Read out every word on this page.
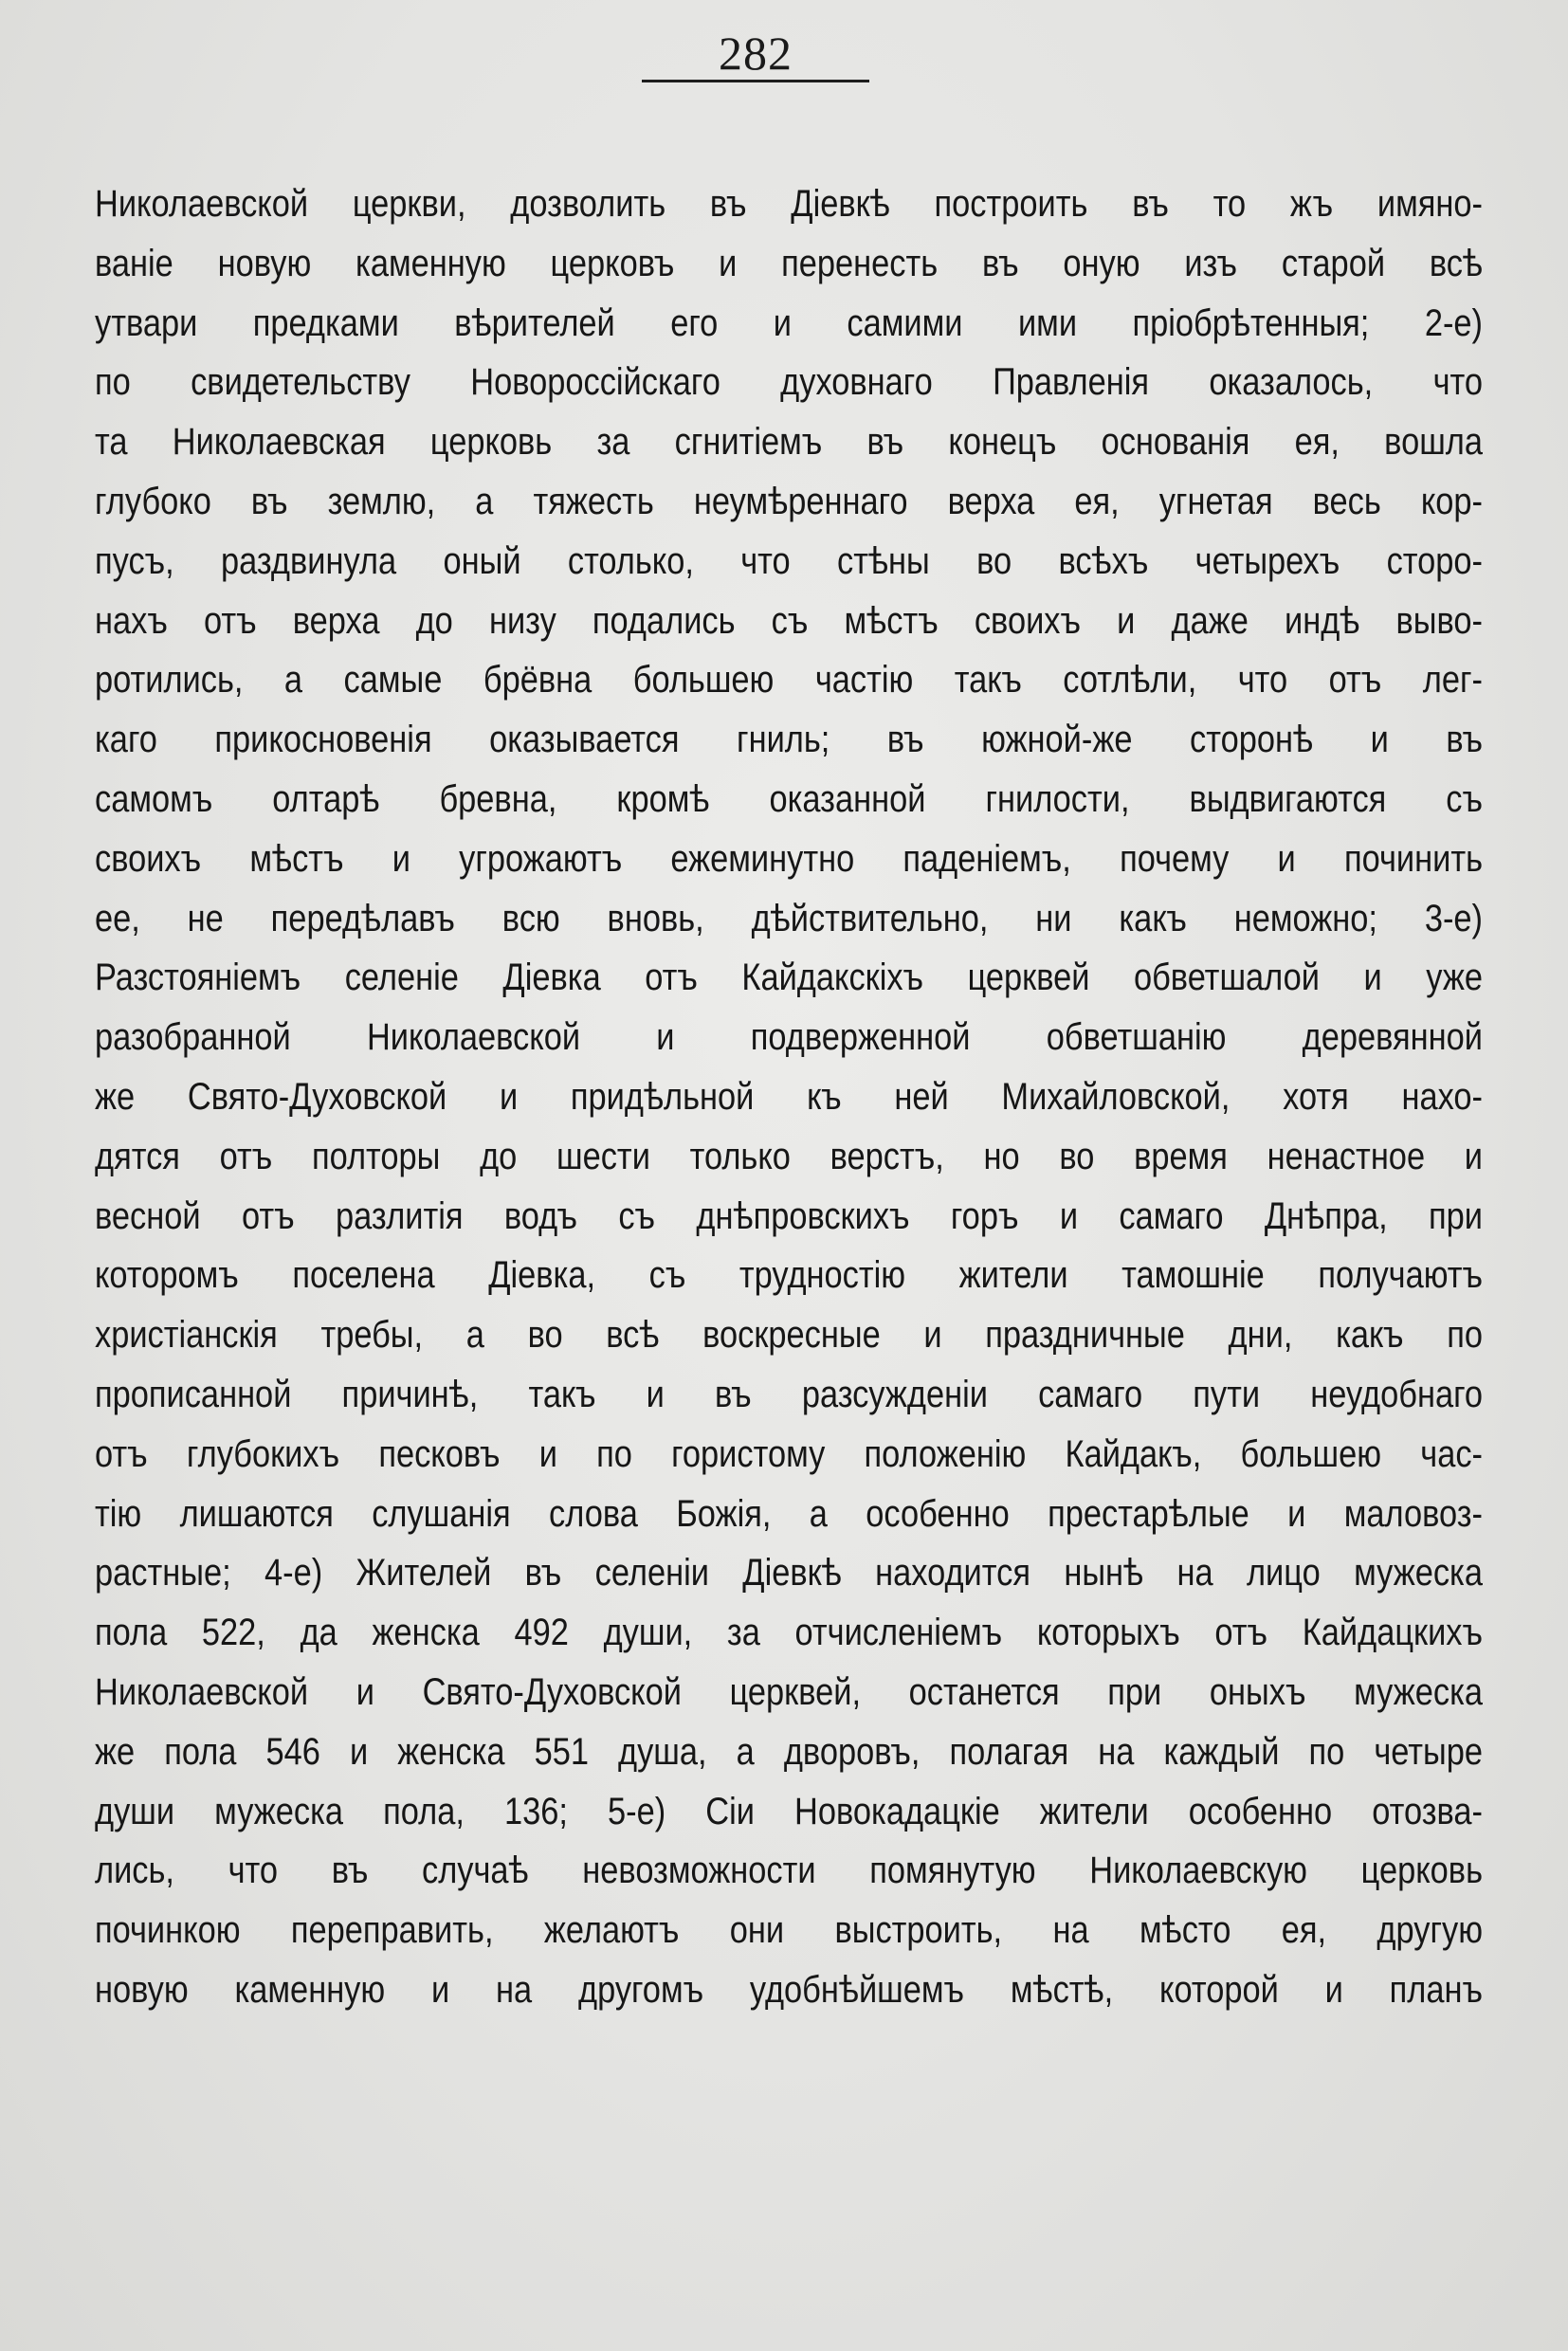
282
Николаевской церкви, дозволить въ Діевкѣ построить въ то жъ имяно-
ваніе новую каменную церковъ и перенесть въ оную изъ старой всѣ
утвари предками вѣрителей его и самими ими пріобрѣтенныя; 2-е)
по свидетельству Новороссійскаго духовнаго Правленія оказалось, что
та Николаевская церковь за сгнитіемъ въ конецъ основанія ея, вошла
глубоко въ землю, а тяжесть неумѣреннаго верха ея, угнетая весь кор-
пусъ, раздвинула оный столько, что стѣны во всѣхъ четырехъ сторо-
нахъ отъ верха до низу подались съ мѣстъ своихъ и даже индѣ выво-
ротились, а самые брёвна большею частію такъ сотлѣли, что отъ лег-
каго прикосновенія оказывается гниль; въ южной-же сторонѣ и въ
самомъ олтарѣ бревна, кромѣ оказанной гнилости, выдвигаются съ
своихъ мѣстъ и угрожаютъ ежеминутно паденіемъ, почему и починить
ее, не передѣлавъ всю вновь, дѣйствительно, ни какъ неможно; 3-е)
Разстояніемъ селеніе Діевка отъ Кайдакскіхъ церквей обветшалой и уже
разобранной Николаевской и подверженной обветшанію деревянной
же Свято-Духовской и придѣльной къ ней Михайловской, хотя нахо-
дятся отъ полторы до шести только верстъ, но во время ненастное и
весной отъ разлитія водъ съ днѣпровскихъ горъ и самаго Днѣпра, при
которомъ поселена Діевка, съ трудностію жители тамошніе получаютъ
христіанскія требы, а во всѣ воскресные и праздничные дни, какъ по
прописанной причинѣ, такъ и въ разсужденіи самаго пути неудобнаго
отъ глубокихъ песковъ и по гористому положенію Кайдакъ, большею час-
тію лишаются слушанія слова Божія, а особенно престарѣлые и маловоз-
растные; 4-е) Жителей въ селеніи Діевкѣ находится нынѣ на лицо мужеска
пола 522, да женска 492 души, за отчисленіемъ которыхъ отъ Кайдацкихъ
Николаевской и Свято-Духовской церквей, останется при оныхъ мужеска
же пола 546 и женска 551 душа, а дворовъ, полагая на каждый по четыре
души мужеска пола, 136; 5-е) Сіи Новокадацкіе жители особенно отозва-
лись, что въ случаѣ невозможности помянутую Николаевскую церковь
починкою переправить, желаютъ они выстроить, на мѣсто ея, другую
новую каменную и на другомъ удобнѣйшемъ мѣстѣ, которой и планъ
